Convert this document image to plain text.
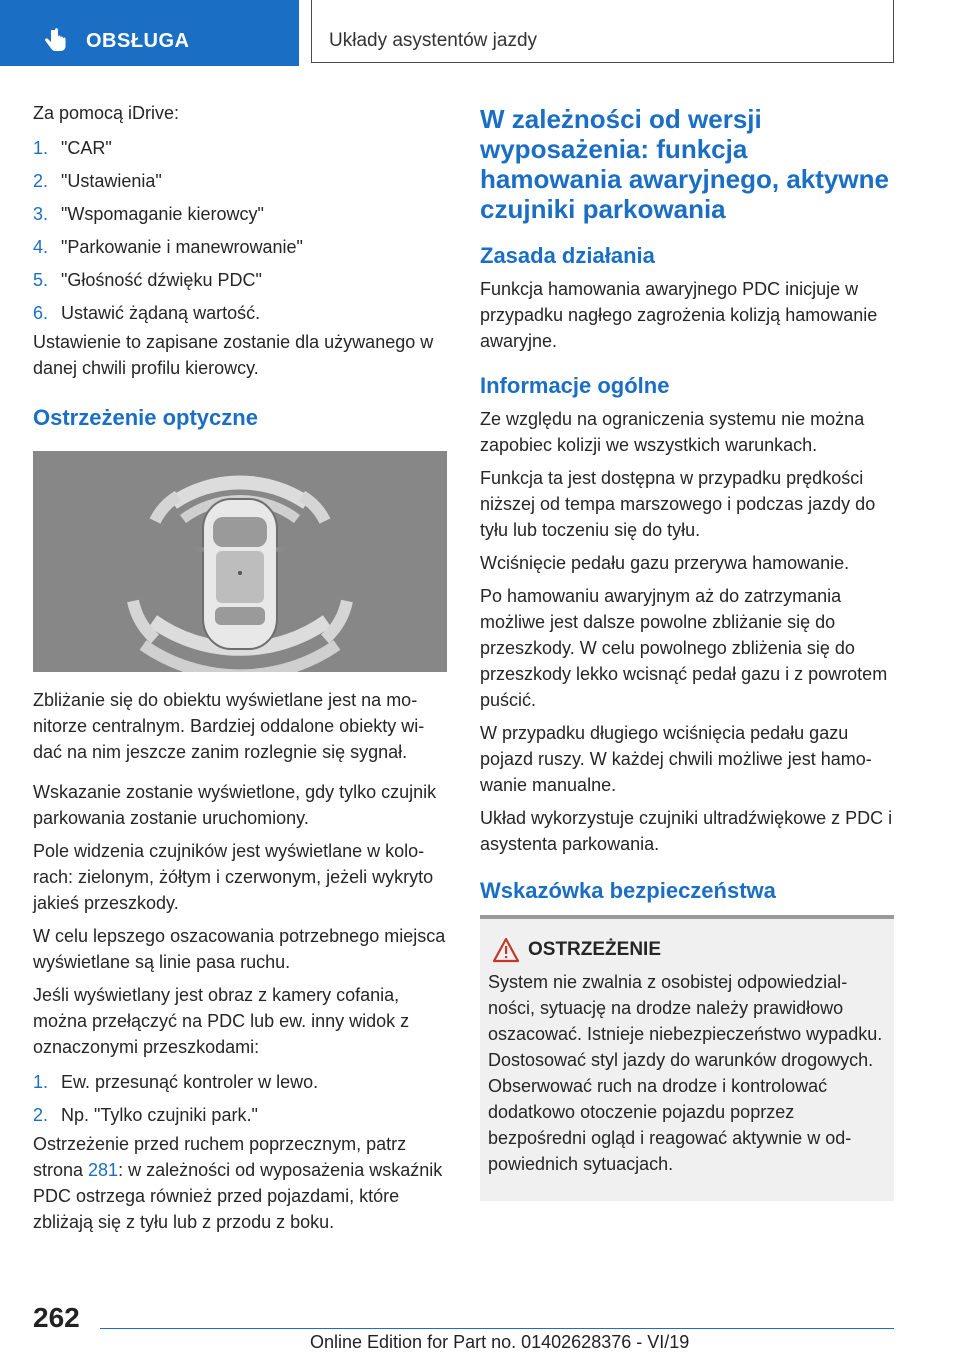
OBSŁUGA	Układy asystentów jazdy

Za pomocą iDrive:

1. "CAR"
2. "Ustawienia"
3. "Wspomaganie kierowcy"
4. "Parkowanie i manewrowanie"
5. "Głośność dźwięku PDC"
6. Ustawić żądaną wartość.

Ustawienie to zapisane zostanie dla używanego w danej chwili profilu kierowcy.

Ostrzeżenie optyczne

Zbliżanie się do obiektu wyświetlane jest na monitorze centralnym. Bardziej oddalone obiekty widać na nim jeszcze zanim rozlegnie się sygnał.

Wskazanie zostanie wyświetlone, gdy tylko czujnik parkowania zostanie uruchomiony.

Pole widzenia czujników jest wyświetlane w kolorach: zielonym, żółtym i czerwonym, jeżeli wykryto jakieś przeszkody.

W celu lepszego oszacowania potrzebnego miejsca wyświetlane są linie pasa ruchu.

Jeśli wyświetlany jest obraz z kamery cofania, można przełączyć na PDC lub ew. inny widok z oznaczonymi przeszkodami:

1. Ew. przesunąć kontroler w lewo.
2. Np. "Tylko czujniki park."

Ostrzeżenie przed ruchem poprzecznym, patrz strona 281: w zależności od wyposażenia wskaźnik PDC ostrzega również przed pojazdami, które zbliżają się z tyłu lub z przodu z boku.

W zależności od wersji wyposażenia: funkcja hamowania awaryjnego, aktywne czujniki parkowania
Zasada działania

Funkcja hamowania awaryjnego PDC inicjuje w przypadku nagłego zagrożenia kolizją hamowanie awaryjne.

Informacje ogólne

Ze względu na ograniczenia systemu nie można zapobiec kolizji we wszystkich warunkach.

Funkcja ta jest dostępna w przypadku prędkości niższej od tempa marszowego i podczas jazdy do tyłu lub toczeniu się do tyłu.

Wciśnięcie pedału gazu przerywa hamowanie.

Po hamowaniu awaryjnym aż do zatrzymania możliwe jest dalsze powolne zbliżanie się do przeszkody. W celu powolnego zbliżenia się do przeszkody lekko wcisnąć pedał gazu i z powrotem puścić.

W przypadku długiego wciśnięcia pedału gazu pojazd ruszy. W każdej chwili możliwe jest hamowanie manualne.

Układ wykorzystuje czujniki ultradźwiękowe z PDC i asystenta parkowania.

Wskazówka bezpieczeństwa
OSTRZEŻENIE

System nie zwalnia z osobistej odpowiedzialności, sytuację na drodze należy prawidłowo oszacować. Istnieje niebezpieczeństwo wypadku. Dostosować styl jazdy do warunków drogowych. Obserwować ruch na drodze i kontrolować dodatkowo otoczenie pojazdu poprzez bezpośredni ogląd i reagować aktywnie w odpowiednich sytuacjach.

262
Online Edition for Part no. 01402628376 - VI/19
